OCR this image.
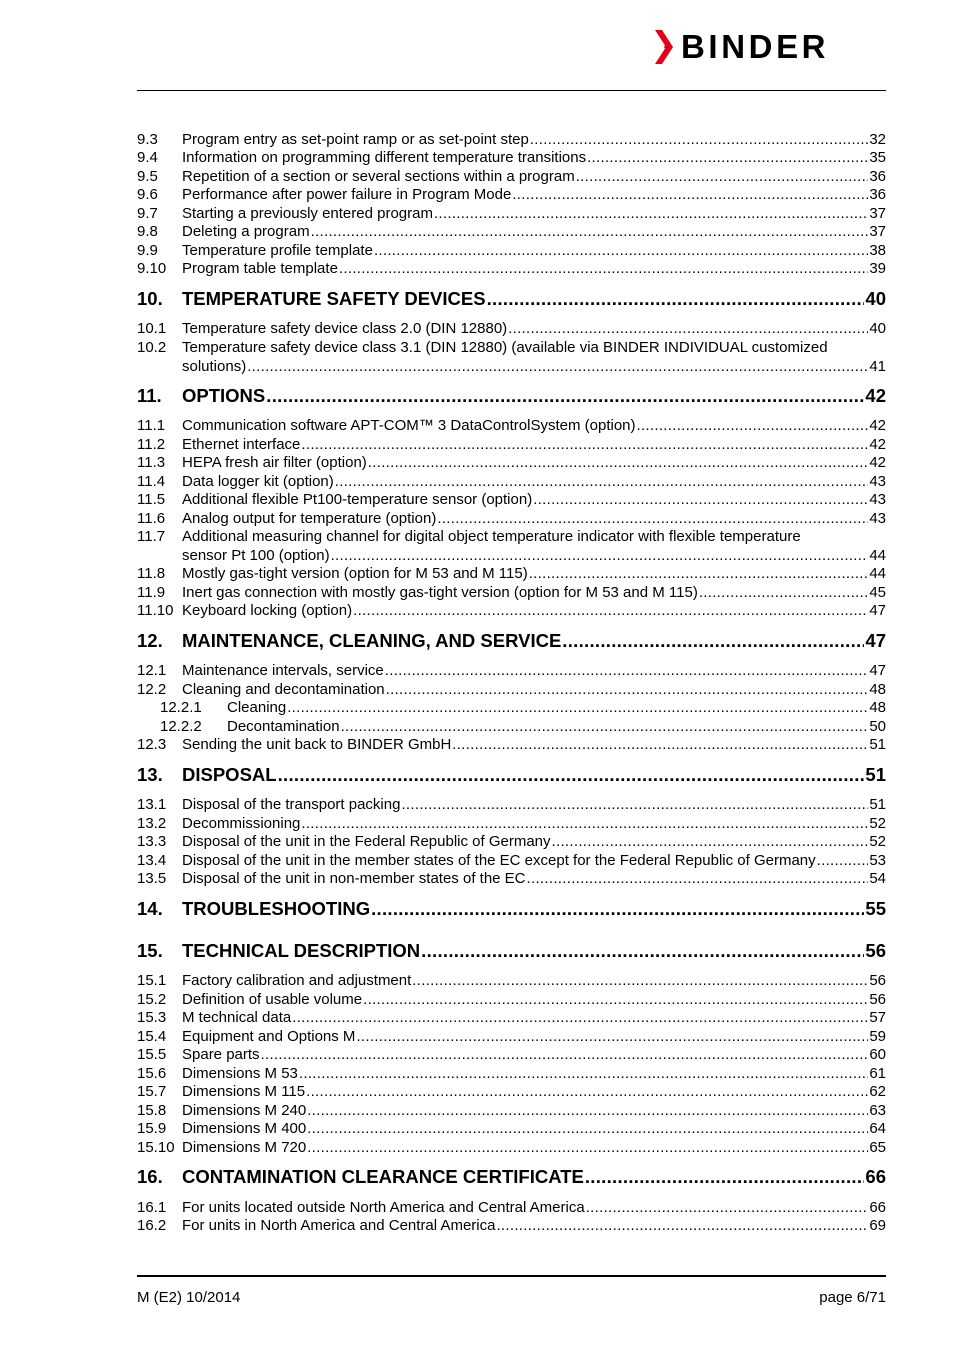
BINDER
9.3 Program entry as set-point ramp or as set-point step .....	32
9.4 Information on programming different temperature transitions .....	35
9.5 Repetition of a section or several sections within a program .....	36
9.6 Performance after power failure in Program Mode .....	36
9.7 Starting a previously entered program .....	37
9.8 Deleting a program .....	37
9.9 Temperature profile template .....	38
9.10 Program table template .....	39
10. TEMPERATURE SAFETY DEVICES .....	40
10.1 Temperature safety device class 2.0 (DIN 12880) .....	40
10.2 Temperature safety device class 3.1 (DIN 12880) (available via BINDER INDIVIDUAL customized
solutions) .....	41
11. OPTIONS .....	42
11.1 Communication software APT-COM™ 3 DataControlSystem (option) .....	42
11.2 Ethernet interface .....	42
11.3 HEPA fresh air filter (option) .....	42
11.4 Data logger kit (option) .....	43
11.5 Additional flexible Pt100-temperature sensor (option) .....	43
11.6 Analog output for temperature (option) .....	43
11.7 Additional measuring channel for digital object temperature indicator with flexible temperature
sensor Pt 100 (option) .....	44
11.8 Mostly gas-tight version (option for M 53 and M 115) .....	44
11.9 Inert gas connection with mostly gas-tight version (option for M 53 and M 115) .....	45
11.10 Keyboard locking (option) .....	47
12. MAINTENANCE, CLEANING, AND SERVICE .....	47
12.1 Maintenance intervals, service .....	47
12.2 Cleaning and decontamination .....	48
12.2.1 Cleaning .....	48
12.2.2 Decontamination .....	50
12.3 Sending the unit back to BINDER GmbH .....	51
13. DISPOSAL .....	51
13.1 Disposal of the transport packing .....	51
13.2 Decommissioning .....	52
13.3 Disposal of the unit in the Federal Republic of Germany .....	52
13.4 Disposal of the unit in the member states of the EC except for the Federal Republic of Germany .....	53
13.5 Disposal of the unit in non-member states of the EC .....	54
14. TROUBLESHOOTING .....	55
15. TECHNICAL DESCRIPTION .....	56
15.1 Factory calibration and adjustment .....	56
15.2 Definition of usable volume .....	56
15.3 M technical data .....	57
15.4 Equipment and Options M .....	59
15.5 Spare parts .....	60
15.6 Dimensions M 53 .....	61
15.7 Dimensions M 115 .....	62
15.8 Dimensions M 240 .....	63
15.9 Dimensions M 400 .....	64
15.10 Dimensions M 720 .....	65
16. CONTAMINATION CLEARANCE CERTIFICATE .....	66
16.1 For units located outside North America and Central America .....	66
16.2 For units in North America and Central America .....	69
M (E2) 10/2014	page 6/71
